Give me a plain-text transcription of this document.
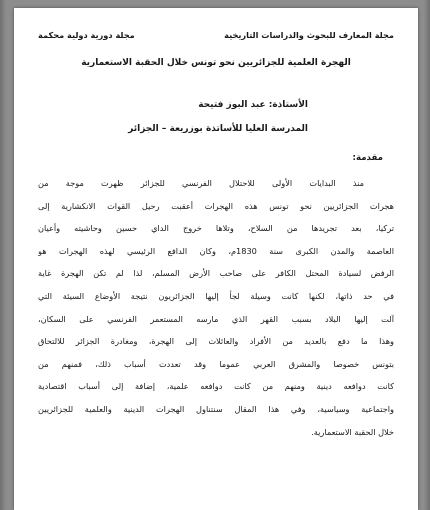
مجلة المعارف للبحوث والدراسات التاريخية
مجلة دورية دولية محكمة
الهجرة العلمية للجزائريين نحو تونس خلال الحقبة الاستعمارية
الأستاذة: عبد البوز فتيحة
المدرسة العليا للأساتذة بوزريعة – الجزائر
مقدمة:
منذ البدايات الأولى للاحتلال الفرنسي للجزائر ظهرت موجة من
هجرات الجزائريين نحو تونس هذه الهجرات أعقبت رحيل القوات الانكشارية إلى
تركيا، بعد تجريدها من السلاح، وتلاها خروج الداي حسين وحاشيته وأعيان
العاصمة والمدن الكبرى سنة 1830م، وكان الدافع الرئيسي لهذه الهجرات هو
الرفض لسيادة المحتل الكافر على صاحب الأرض المسلم، لذا لم تكن الهجرة غاية
في حد ذاتها، لكنها كانت وسيلة لجأ إليها الجزائريون نتيجة الأوضاع السيئة التي
آلت إليها البلاد بسبب القهر الذي مارسه المستعمر الفرنسي على السكان،
وهذا ما دفع بالعديد من الأفراد والعائلات إلى الهجرة، ومغادرة الجزائر للالتحاق
بتونس خصوصا والمشرق العربي عموما وقد تعددت أسباب ذلك، فمنهم من
كانت دوافعه دينية ومنهم من كانت دوافعه علمية، إضافة إلى أسباب اقتصادية
واجتماعية وسياسية، وفي هذا المقال سنتناول الهجرات الدينية والعلمية للجزائريين
خلال الحقبة الاستعمارية.
